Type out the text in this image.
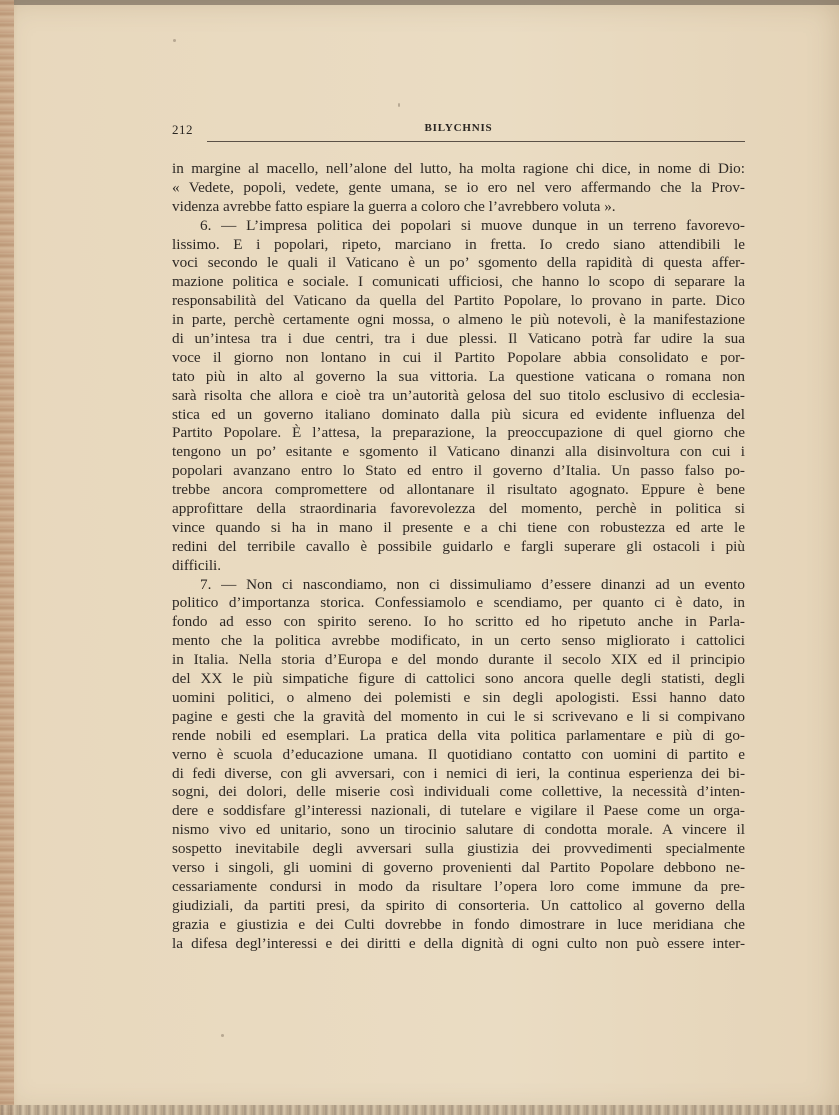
212	BILYCHNIS
in margine al macello, nell’alone del lutto, ha molta ragione chi dice, in nome di Dio:
« Vedete, popoli, vedete, gente umana, se io ero nel vero affermando che la Prov-
videnza avrebbe fatto espiare la guerra a coloro che l’avrebbero voluta ».
6. — L’impresa politica dei popolari si muove dunque in un terreno favorevo-
lissimo. E i popolari, ripeto, marciano in fretta. Io credo siano attendibili le
voci secondo le quali il Vaticano è un po’ sgomento della rapidità di questa affer-
mazione politica e sociale. I comunicati ufficiosi, che hanno lo scopo di separare la
responsabilità del Vaticano da quella del Partito Popolare, lo provano in parte. Dico
in parte, perchè certamente ogni mossa, o almeno le più notevoli, è la manifestazione
di un’intesa tra i due centri, tra i due plessi. Il Vaticano potrà far udire la sua
voce il giorno non lontano in cui il Partito Popolare abbia consolidato e por-
tato più in alto al governo la sua vittoria. La questione vaticana o romana non
sarà risolta che allora e cioè tra un’autorità gelosa del suo titolo esclusivo di ecclesia-
stica ed un governo italiano dominato dalla più sicura ed evidente influenza del
Partito Popolare. È l’attesa, la preparazione, la preoccupazione di quel giorno che
tengono un po’ esitante e sgomento il Vaticano dinanzi alla disinvoltura con cui i
popolari avanzano entro lo Stato ed entro il governo d’Italia. Un passo falso po-
trebbe ancora compromettere od allontanare il risultato agognato. Eppure è bene
approfittare della straordinaria favorevolezza del momento, perchè in politica si
vince quando si ha in mano il presente e a chi tiene con robustezza ed arte le
redini del terribile cavallo è possibile guidarlo e fargli superare gli ostacoli i più
difficili.
7. — Non ci nascondiamo, non ci dissimuliamo d’essere dinanzi ad un evento
politico d’importanza storica. Confessiamolo e scendiamo, per quanto ci è dato, in
fondo ad esso con spirito sereno. Io ho scritto ed ho ripetuto anche in Parla-
mento che la politica avrebbe modificato, in un certo senso migliorato i cattolici
in Italia. Nella storia d’Europa e del mondo durante il secolo XIX ed il principio
del XX le più simpatiche figure di cattolici sono ancora quelle degli statisti, degli
uomini politici, o almeno dei polemisti e sin degli apologisti. Essi hanno dato
pagine e gesti che la gravità del momento in cui le si scrivevano e li si compivano
rende nobili ed esemplari. La pratica della vita politica parlamentare e più di go-
verno è scuola d’educazione umana. Il quotidiano contatto con uomini di partito e
di fedi diverse, con gli avversari, con i nemici di ieri, la continua esperienza dei bi-
sogni, dei dolori, delle miserie così individuali come collettive, la necessità d’inten-
dere e soddisfare gl’interessi nazionali, di tutelare e vigilare il Paese come un orga-
nismo vivo ed unitario, sono un tirocinio salutare di condotta morale. A vincere il
sospetto inevitabile degli avversari sulla giustizia dei provvedimenti specialmente
verso i singoli, gli uomini di governo provenienti dal Partito Popolare debbono ne-
cessariamente condursi in modo da risultare l’opera loro come immune da pre-
giudiziali, da partiti presi, da spirito di consorteria. Un cattolico al governo della
grazia e giustizia e dei Culti dovrebbe in fondo dimostrare in luce meridiana che
la difesa degl’interessi e dei diritti e della dignità di ogni culto non può essere inter-
